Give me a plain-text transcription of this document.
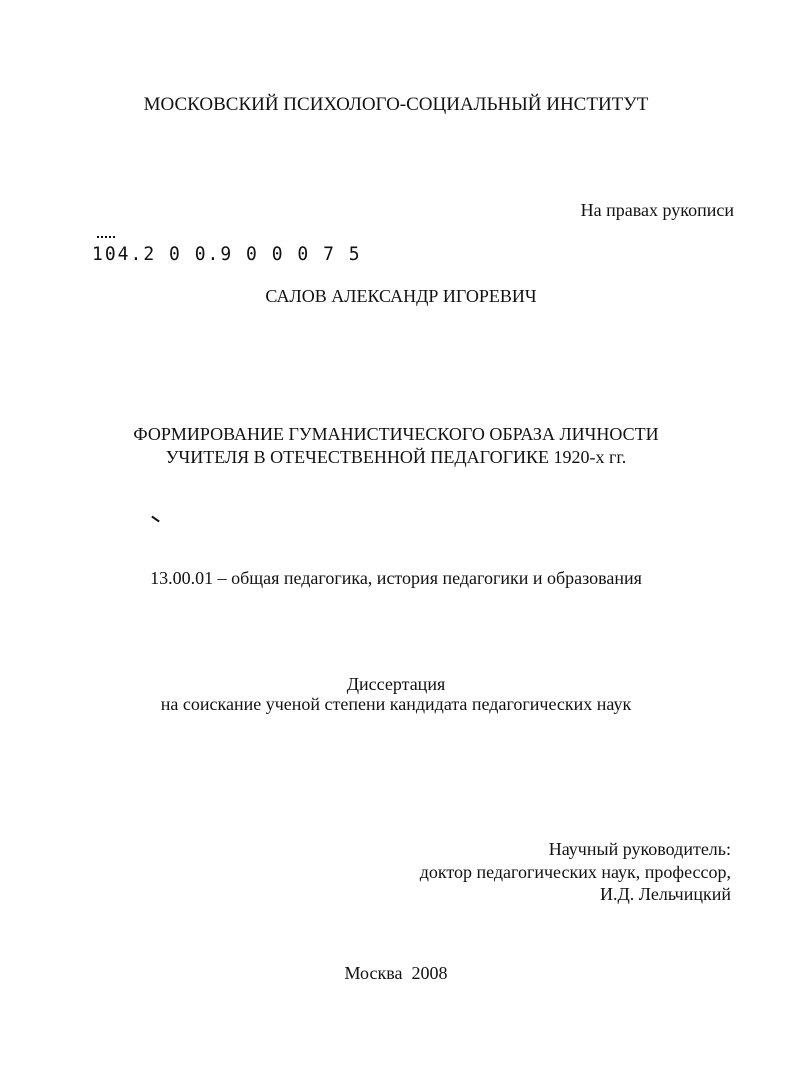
МОСКОВСКИЙ ПСИХОЛОГО-СОЦИАЛЬНЫЙ ИНСТИТУТ
На правах рукописи
104.2 0 0.9 0 0 0 7 5
САЛОВ АЛЕКСАНДР ИГОРЕВИЧ
ФОРМИРОВАНИЕ ГУМАНИСТИЧЕСКОГО ОБРАЗА ЛИЧНОСТИ
УЧИТЕЛЯ В ОТЕЧЕСТВЕННОЙ ПЕДАГОГИКЕ 1920-х гг.
13.00.01 – общая педагогика, история педагогики и образования
Диссертация
на соискание ученой степени кандидата педагогических наук
Научный руководитель:
доктор педагогических наук, профессор,
И.Д. Лельчицкий
Москва  2008
